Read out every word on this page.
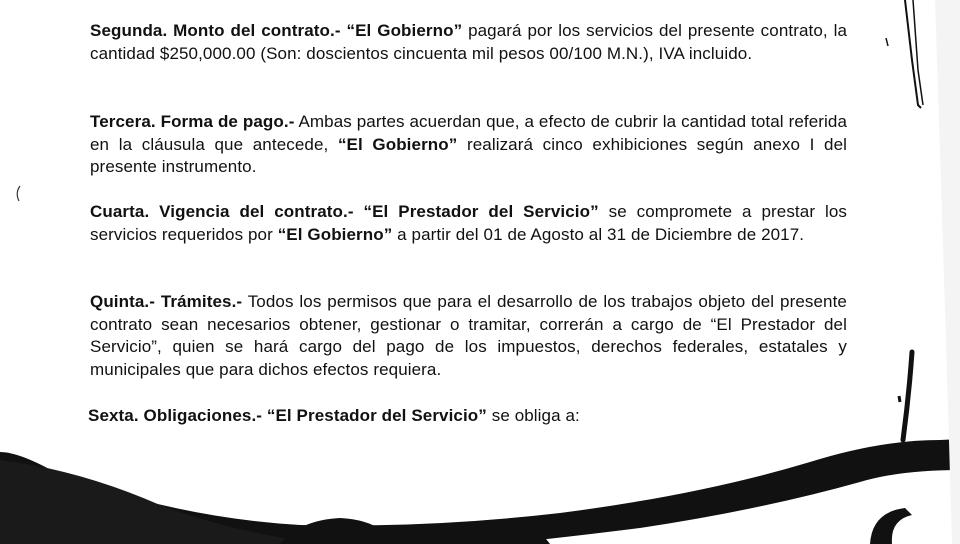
Segunda. Monto del contrato.- “El Gobierno” pagará por los servicios del presente contrato, la cantidad $250,000.00 (Son: doscientos cincuenta mil pesos 00/100 M.N.), IVA incluido.
Tercera. Forma de pago.- Ambas partes acuerdan que, a efecto de cubrir la cantidad total referida en la cláusula que antecede, “El Gobierno” realizará cinco exhibiciones según anexo I del presente instrumento.
Cuarta. Vigencia del contrato.- “El Prestador del Servicio” se compromete a prestar los servicios requeridos por “El Gobierno” a partir del 01 de Agosto al 31 de Diciembre de 2017.
Quinta.- Trámites.- Todos los permisos que para el desarrollo de los trabajos objeto del presente contrato sean necesarios obtener, gestionar o tramitar, correrán a cargo de “El Prestador del Servicio”, quien se hará cargo del pago de los impuestos, derechos federales, estatales y municipales que para dichos efectos requiera.
Sexta. Obligaciones.- “El Prestador del Servicio” se obliga a:
